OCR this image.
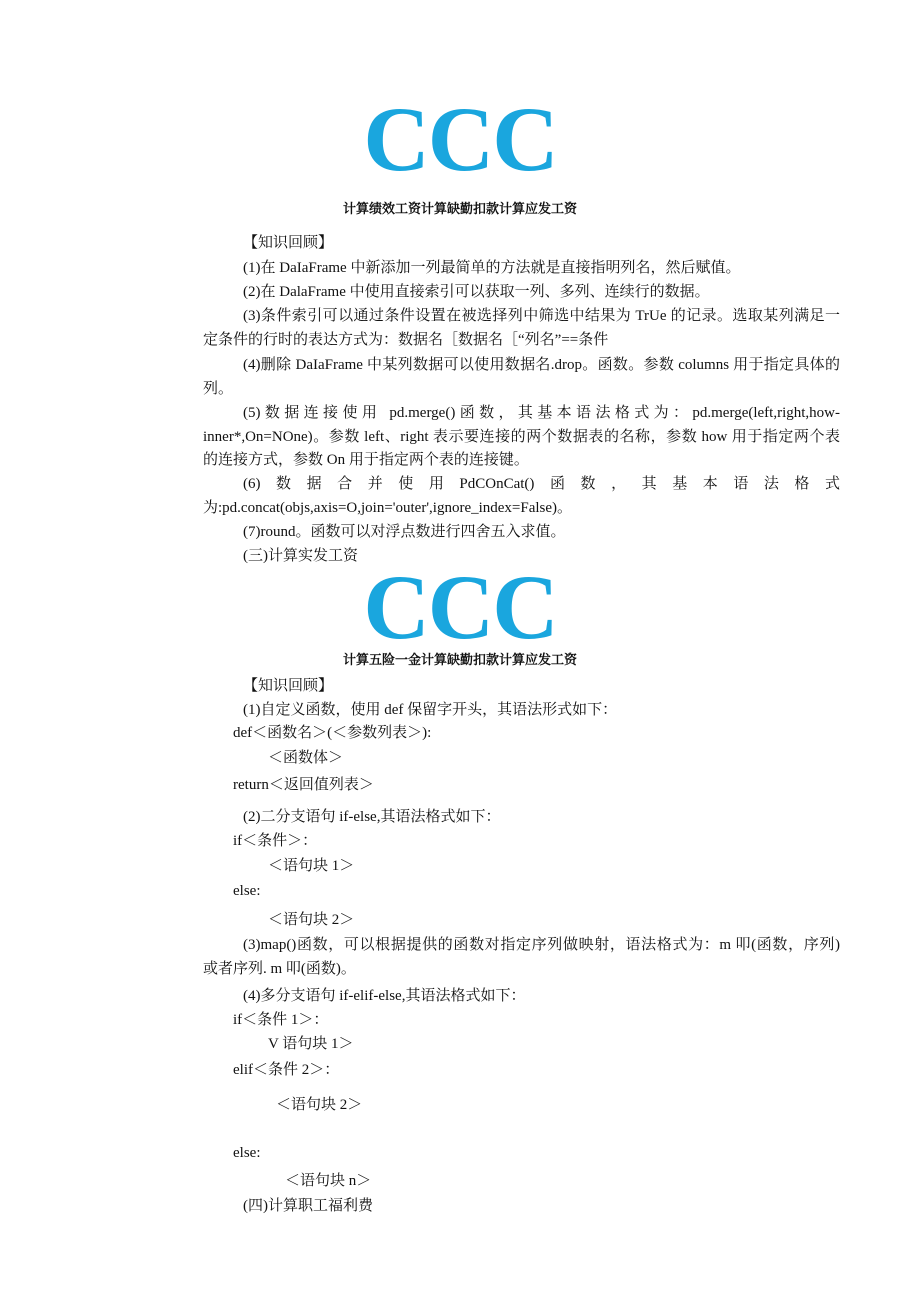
CCC
计算绩效工资计算缺勤扣款计算应发工资
【知识回顾】
(1)在 DaIaFrame 中新添加一列最简单的方法就是直接指明列名，然后赋值。
(2)在 DalaFrame 中使用直接索引可以获取一列、多列、连续行的数据。
(3)条件索引可以通过条件设置在被选择列中筛选中结果为 TrUe 的记录。选取某列满足一
定条件的行时的表达方式为：数据名［数据名［“列名”==条件
(4)删除 DaIaFrame 中某列数据可以使用数据名.drop。函数。参数 columns 用于指定具体的
列。
(5)数据连接使用 pd.merge()函数，其基本语法格式为：pd.merge(left,right,how-
inner*,On=NOne)。参数 left、right 表示要连接的两个数据表的名称，参数 how 用于指定两个表
的连接方式，参数 On 用于指定两个表的连接键。
(6)数据合并使用PdCOnCat()函数，其基本语法格式
为:pd.concat(objs,axis=O,join='outer',ignore_index=False)。
(7)round。函数可以对浮点数进行四舍五入求值。
(三)计算实发工资 CCC
计算五险一金计算缺勤扣款计算应发工资
【知识回顾】
(1)自定义函数，使用 def 保留字开头，其语法形式如下：
def＜函数名＞(＜参数列表＞):
＜函数体＞
return＜返回值列表＞
(2)二分支语句 if-else,其语法格式如下：
if＜条件＞：
＜语句块 1＞
else:
＜语句块 2＞
(3)map()函数，可以根据提供的函数对指定序列做映射，语法格式为：m 叩(函数，序列)
或者序列. m 叩(函数)。
(4)多分支语句 if-elif-else,其语法格式如下：
if＜条件 1＞：
V 语句块 1＞
elif＜条件 2＞：
＜语句块 2＞
else:
＜语句块 n＞
(四)计算职工福利费
